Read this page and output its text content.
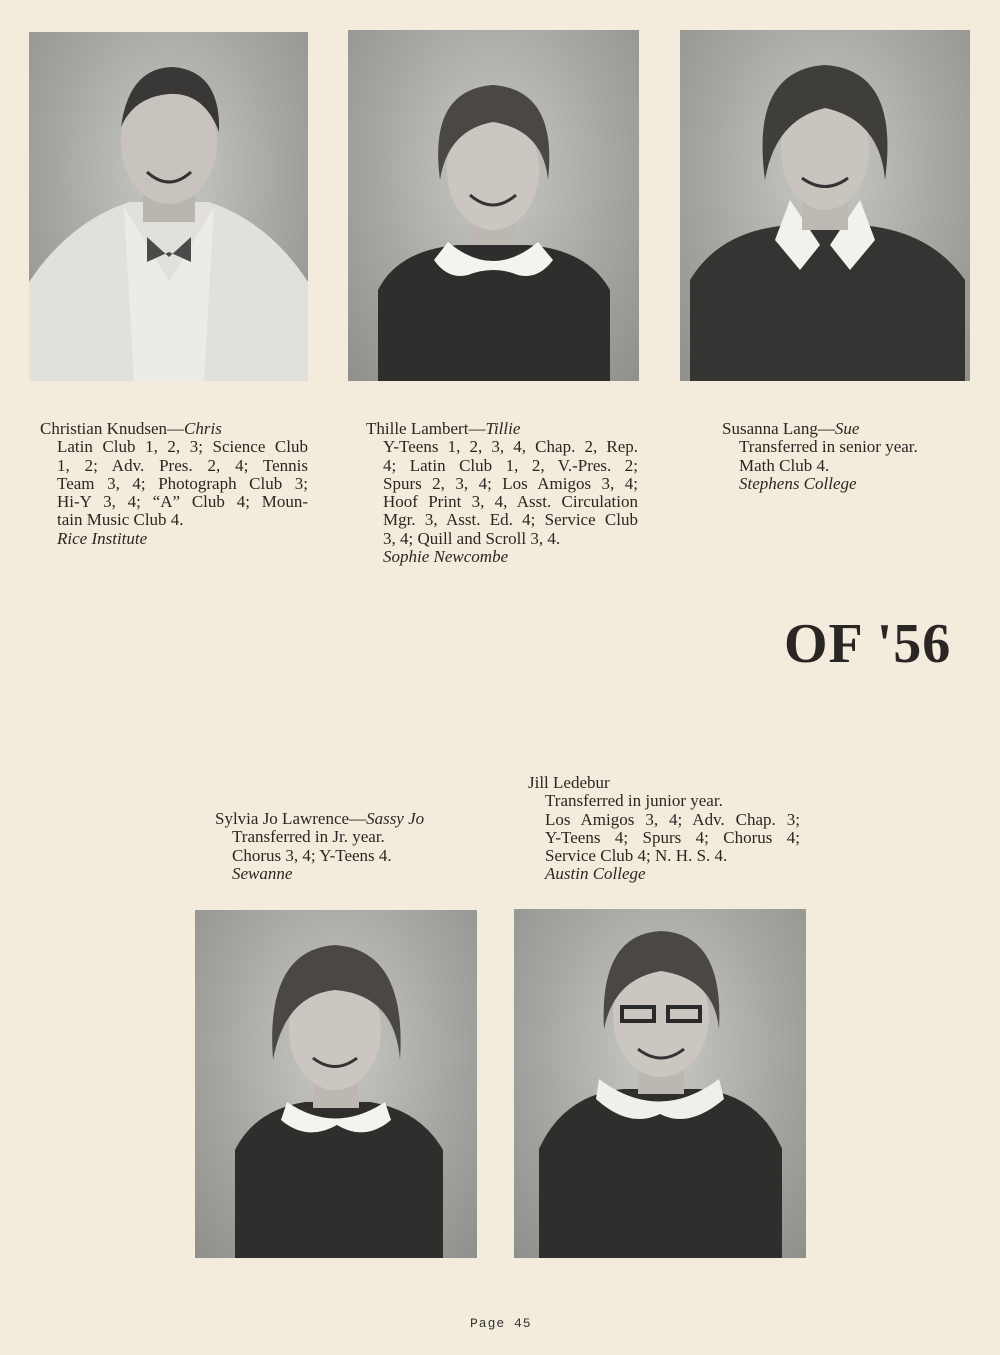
Christian Knudsen—Chris
Latin Club 1, 2, 3; Science Club
1, 2; Adv. Pres. 2, 4; Tennis
Team 3, 4; Photograph Club 3;
Hi-Y 3, 4; “A” Club 4; Moun-
tain Music Club 4.
Rice Institute
Thille Lambert—Tillie
Y-Teens 1, 2, 3, 4, Chap. 2, Rep.
4; Latin Club 1, 2, V.-Pres. 2;
Spurs 2, 3, 4; Los Amigos 3, 4;
Hoof Print 3, 4, Asst. Circulation
Mgr. 3, Asst. Ed. 4; Service Club
3, 4; Quill and Scroll 3, 4.
Sophie Newcombe
Susanna Lang—Sue
Transferred in senior year.
Math Club 4.
Stephens College
OF '56
Sylvia Jo Lawrence—Sassy Jo
Transferred in Jr. year.
Chorus 3, 4; Y-Teens 4.
Sewanne
Jill Ledebur
Transferred in junior year.
Los Amigos 3, 4; Adv. Chap. 3;
Y-Teens 4; Spurs 4; Chorus 4;
Service Club 4; N. H. S. 4.
Austin College
Page 45
